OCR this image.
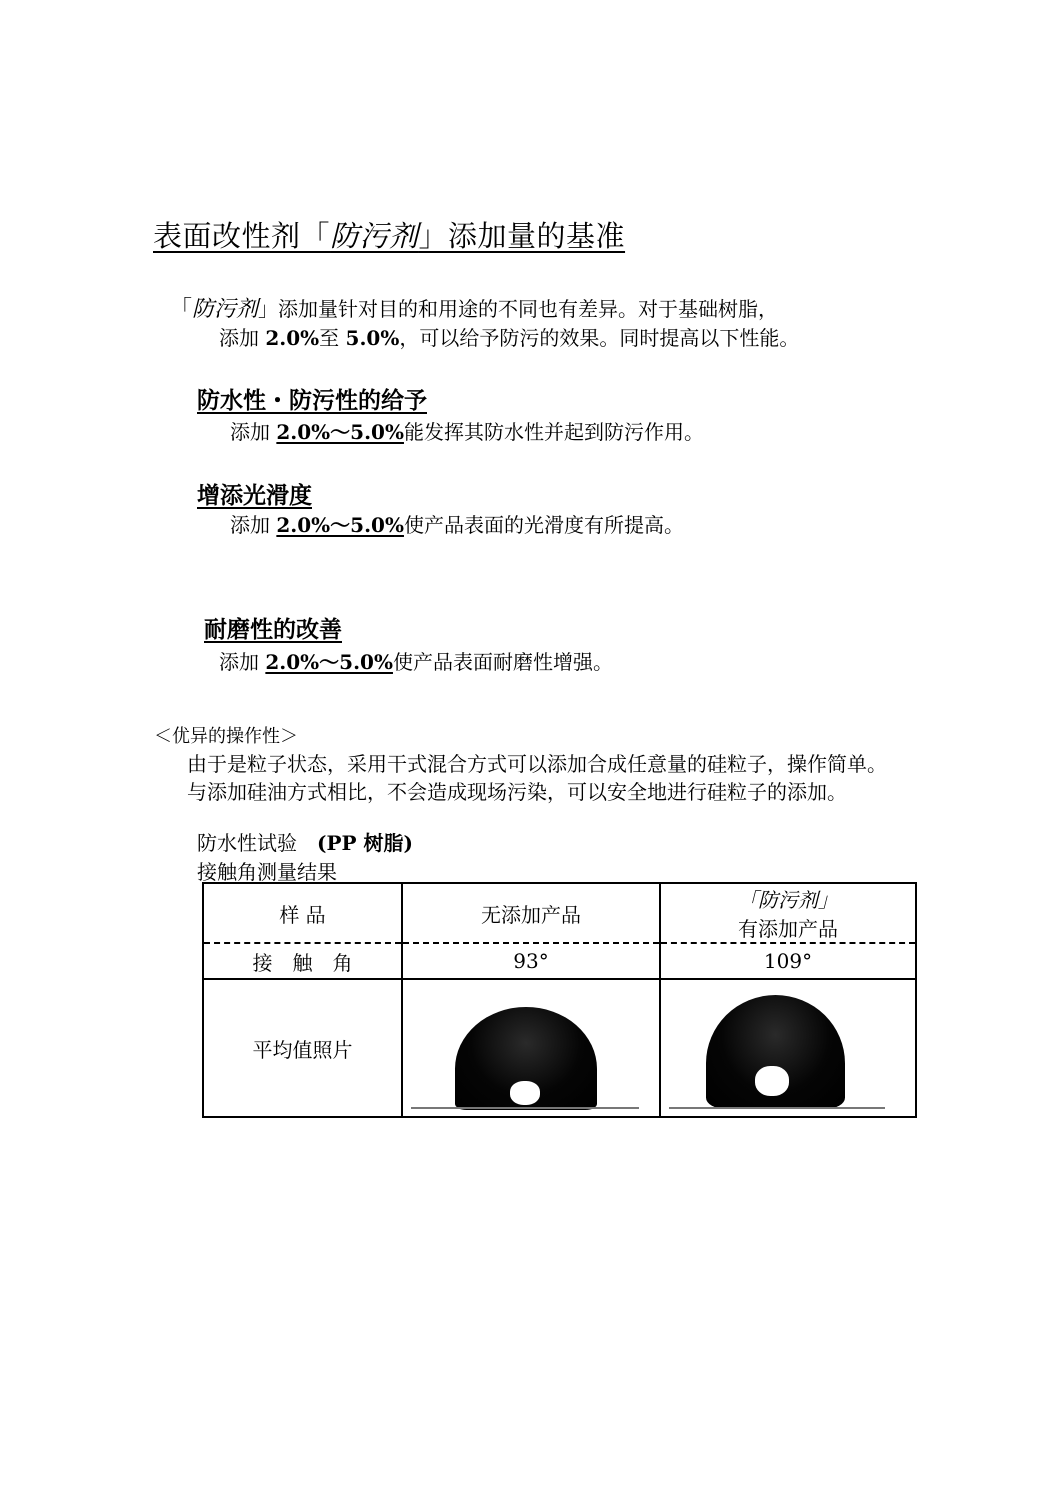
表面改性剂「防污剂」添加量的基准
「防污剂」添加量针对目的和用途的不同也有差异。对于基础树脂，
添加 2.0%至 5.0%，可以给予防污的效果。同时提高以下性能。
防水性・防污性的给予
添加 2.0%～5.0%能发挥其防水性并起到防污作用。
增添光滑度
添加 2.0%～5.0%使产品表面的光滑度有所提高。
耐磨性的改善
添加 2.0%～5.0%使产品表面耐磨性增强。
＜优异的操作性＞
由于是粒子状态，采用干式混合方式可以添加合成任意量的硅粒子，操作简单。
与添加硅油方式相比，不会造成现场污染，可以安全地进行硅粒子的添加。
防水性试验　(PP 树脂)
接触角测量结果
样 品	无添加产品	「防污剂」
有添加产品

接　触　角	93°	109°
平均值照片	
